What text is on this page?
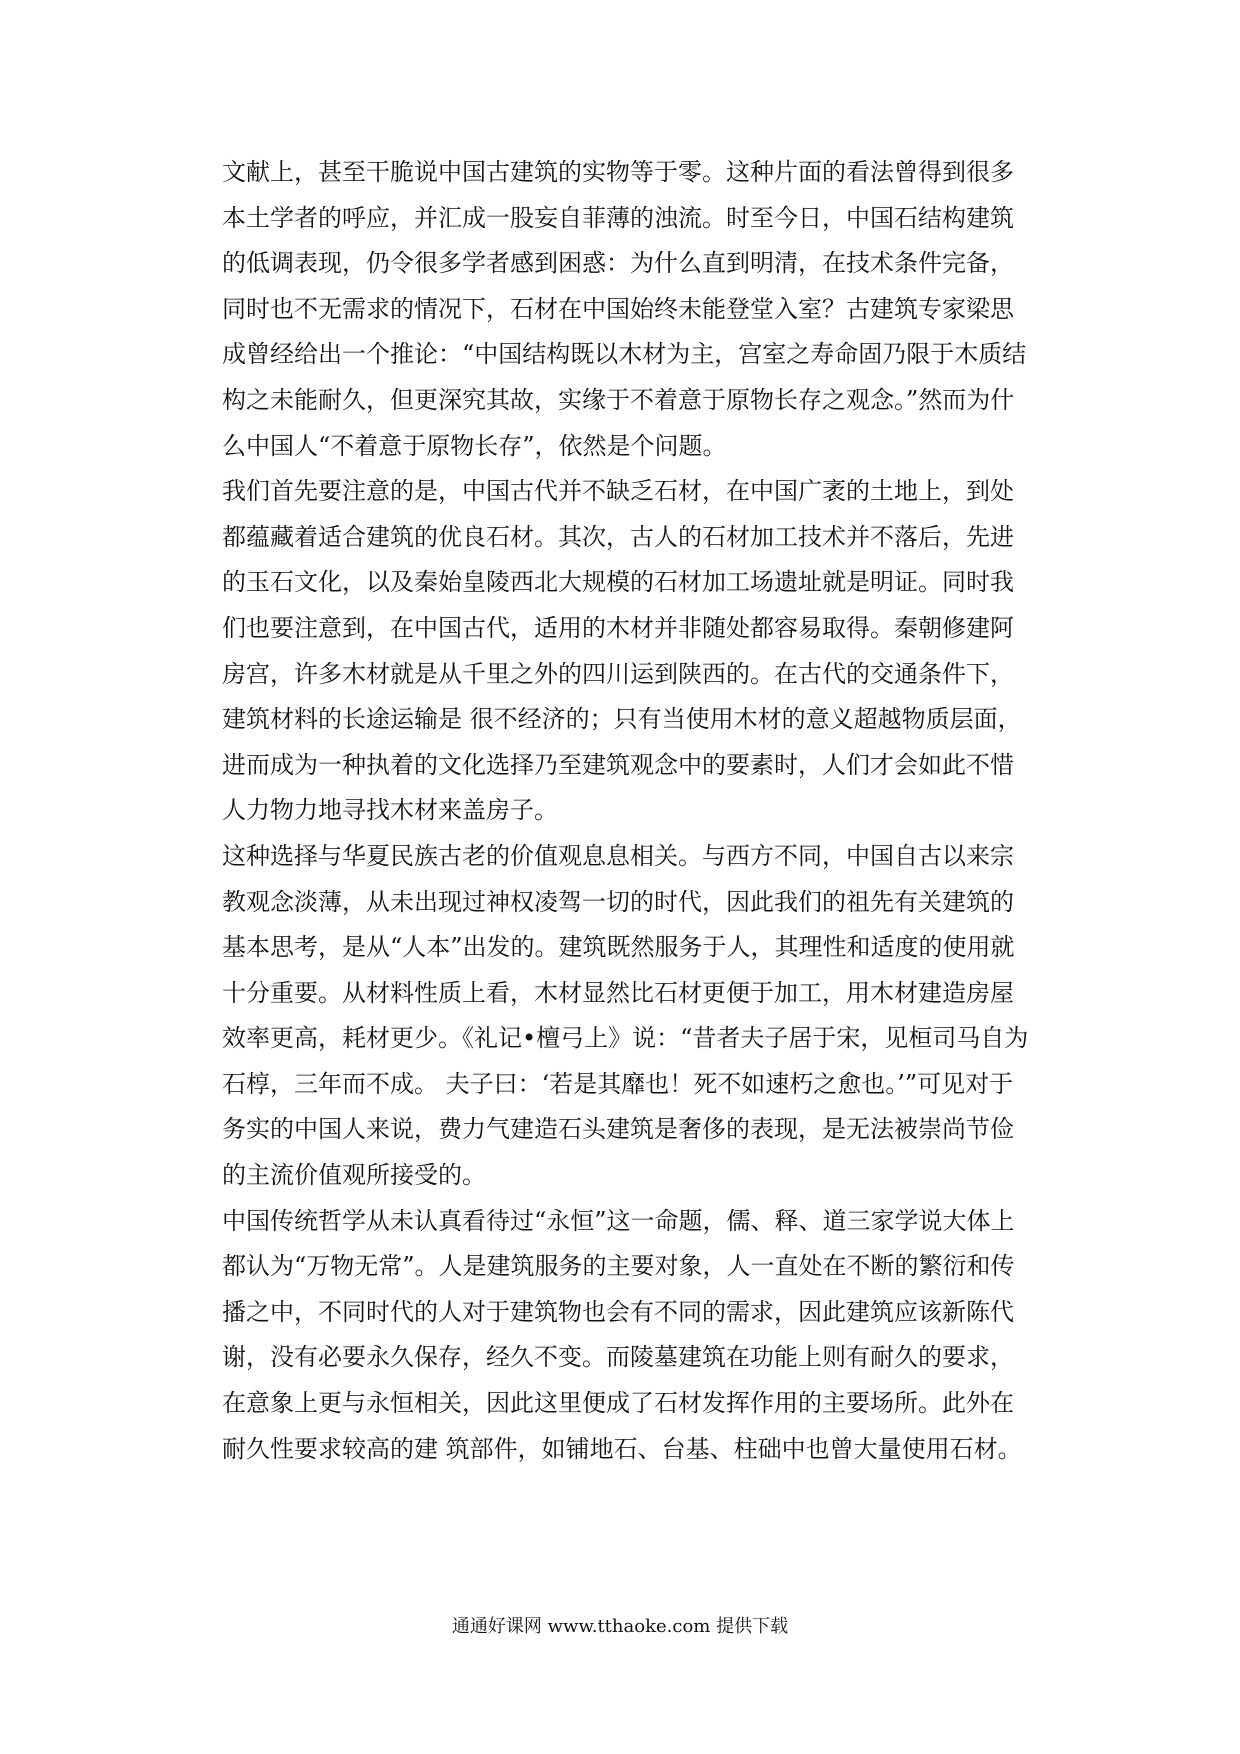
文献上，甚至干脆说中国古建筑的实物等于零。这种片面的看法曾得到很多
本土学者的呼应，并汇成一股妄自菲薄的浊流。时至今日，中国石结构建筑
的低调表现，仍令很多学者感到困惑：为什么直到明清，在技术条件完备，
同时也不无需求的情况下，石材在中国始终未能登堂入室？古建筑专家梁思
成曾经给出一个推论：“中国结构既以木材为主，宫室之寿命固乃限于木质结
构之未能耐久，但更深究其故，实缘于不着意于原物长存之观念。”然而为什
么中国人“不着意于原物长存”，依然是个问题。
我们首先要注意的是，中国古代并不缺乏石材，在中国广袤的土地上，到处
都蕴藏着适合建筑的优良石材。其次，古人的石材加工技术并不落后，先进
的玉石文化，以及秦始皇陵西北大规模的石材加工场遗址就是明证。同时我
们也要注意到，在中国古代，适用的木材并非随处都容易取得。秦朝修建阿
房宫，许多木材就是从千里之外的四川运到陕西的。在古代的交通条件下，
建筑材料的长途运输是 很不经济的；只有当使用木材的意义超越物质层面，
进而成为一种执着的文化选择乃至建筑观念中的要素时，人们才会如此不惜
人力物力地寻找木材来盖房子。
这种选择与华夏民族古老的价值观息息相关。与西方不同，中国自古以来宗
教观念淡薄，从未出现过神权凌驾一切的时代，因此我们的祖先有关建筑的
基本思考，是从“人本”出发的。建筑既然服务于人，其理性和适度的使用就
十分重要。从材料性质上看，木材显然比石材更便于加工，用木材建造房屋
效率更高，耗材更少。《礼记•檀弓上》说：“昔者夫子居于宋，见桓司马自为
石椁，三年而不成。 夫子曰：‘若是其靡也！死不如速朽之愈也。’”可见对于
务实的中国人来说，费力气建造石头建筑是奢侈的表现，是无法被崇尚节俭
的主流价值观所接受的。
中国传统哲学从未认真看待过“永恒”这一命题，儒、释、道三家学说大体上
都认为“万物无常”。人是建筑服务的主要对象，人一直处在不断的繁衍和传
播之中，不同时代的人对于建筑物也会有不同的需求，因此建筑应该新陈代
谢，没有必要永久保存，经久不变。而陵墓建筑在功能上则有耐久的要求，
在意象上更与永恒相关，因此这里便成了石材发挥作用的主要场所。此外在
耐久性要求较高的建 筑部件，如铺地石、台基、柱础中也曾大量使用石材。
通通好课网 www.tthaoke.com 提供下载
